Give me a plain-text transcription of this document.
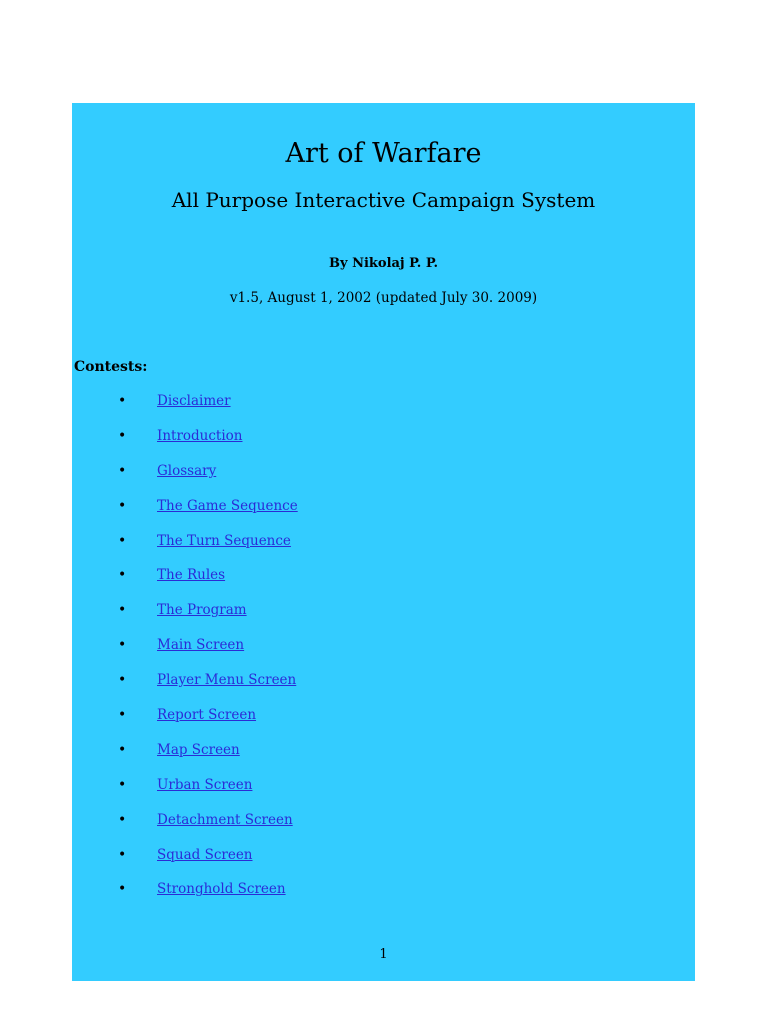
Art of Warfare
All Purpose Interactive Campaign System
By Nikolaj P. P.
v1.5, August 1, 2002 (updated July 30. 2009)
Contests:
• Disclaimer
• Introduction
• Glossary
• The Game Sequence
• The Turn Sequence
• The Rules
• The Program
• Main Screen
• Player Menu Screen
• Report Screen
• Map Screen
• Urban Screen
• Detachment Screen
• Squad Screen
• Stronghold Screen
1
